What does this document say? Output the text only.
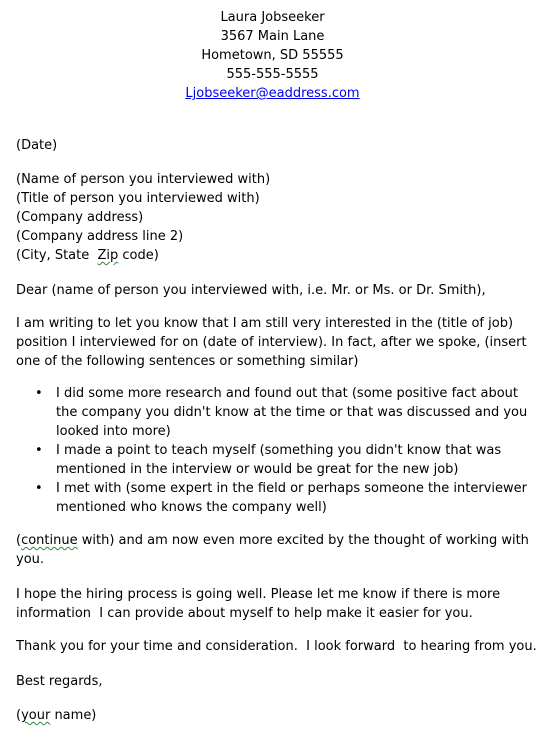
Laura Jobseeker
3567 Main Lane
Hometown, SD 55555
555-555-5555
Ljobseeker@eaddress.com
(Date)
(Name of person you interviewed with)
(Title of person you interviewed with)
(Company address)
(Company address line 2)
(City, State  Zip code)
Dear (name of person you interviewed with, i.e. Mr. or Ms. or Dr. Smith),
I am writing to let you know that I am still very interested in the (title of job)
position I interviewed for on (date of interview). In fact, after we spoke, (insert
one of the following sentences or something similar)
• I did some more research and found out that (some positive fact about
the company you didn't know at the time or that was discussed and you
looked into more)
• I made a point to teach myself (something you didn't know that was
mentioned in the interview or would be great for the new job)
• I met with (some expert in the field or perhaps someone the interviewer
mentioned who knows the company well)
(continue with) and am now even more excited by the thought of working with
you.
I hope the hiring process is going well. Please let me know if there is more
information  I can provide about myself to help make it easier for you.
Thank you for your time and consideration.  I look forward  to hearing from you.
Best regards,
(your name)
